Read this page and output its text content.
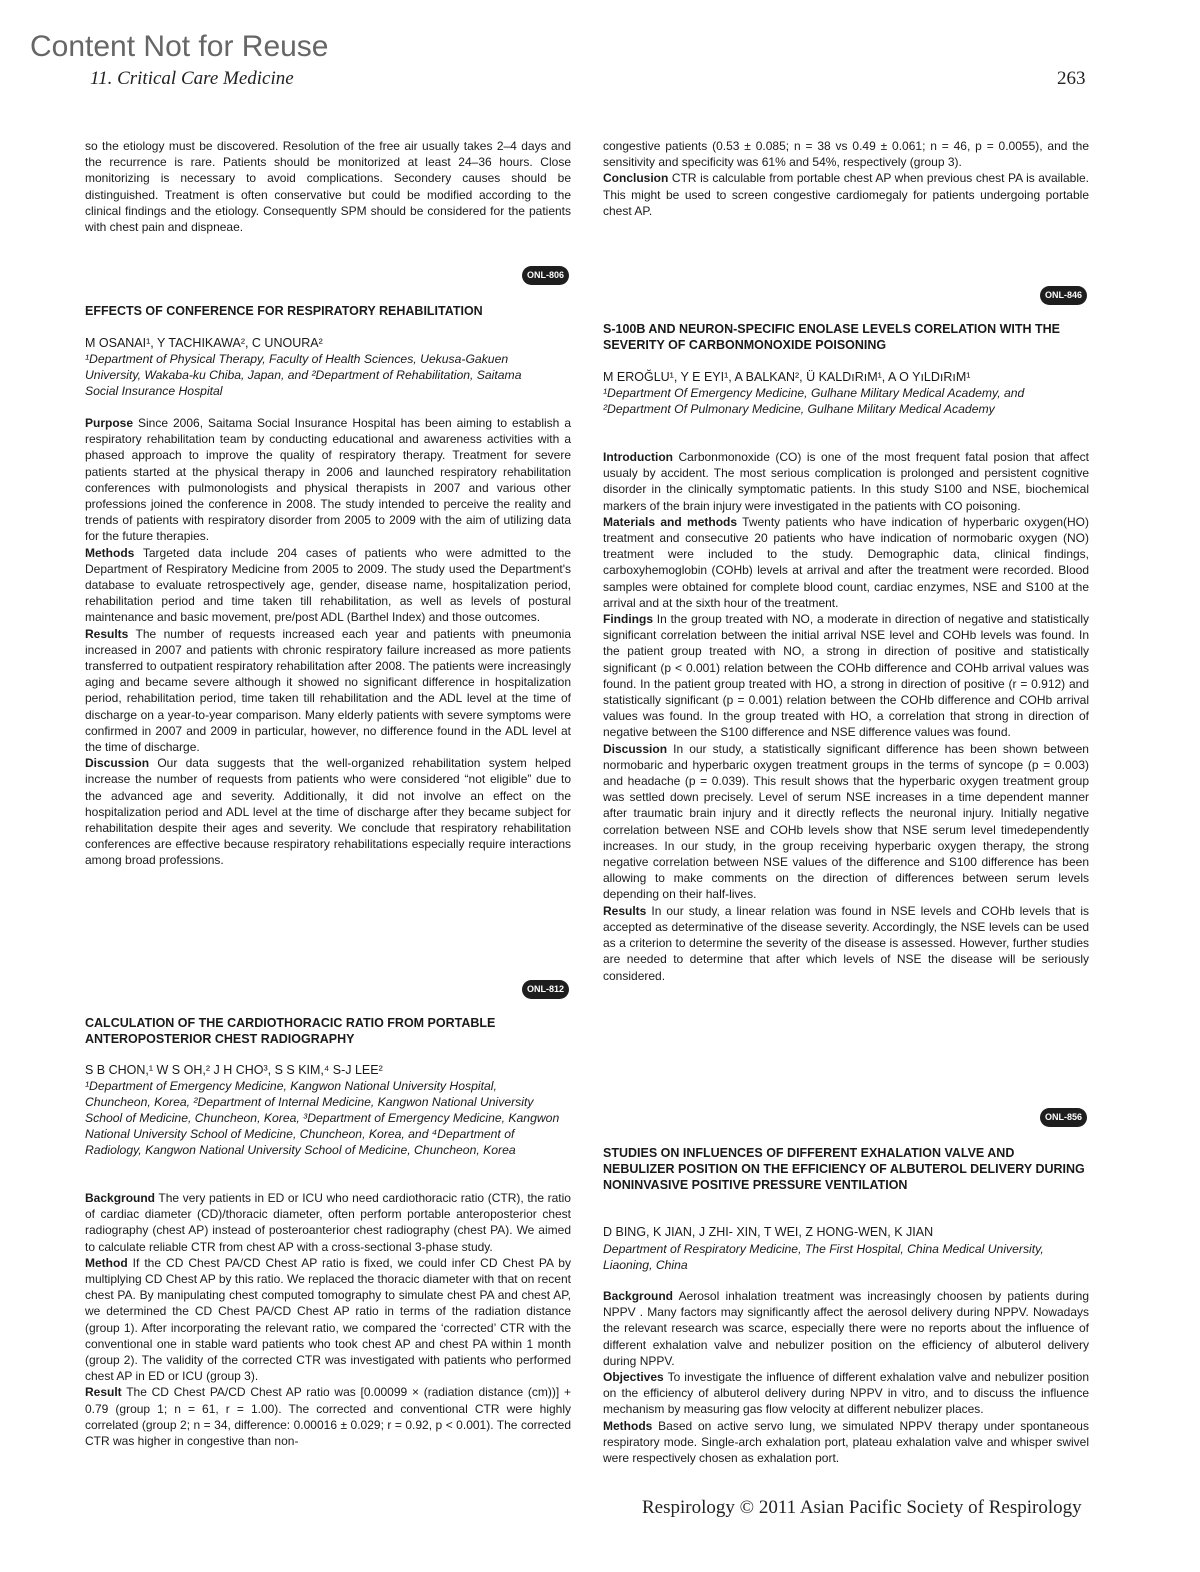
Content Not for Reuse
11. Critical Care Medicine	263

so the etiology must be discovered. Resolution of the free air usually takes 2–4 days and the recurrence is rare. Patients should be monitorized at least 24–36 hours. Close monitorizing is necessary to avoid complications. Secondery causes should be distinguished. Treatment is often conservative but could be modified according to the clinical findings and the etiology. Consequently SPM should be considered for the patients with chest pain and dispneae.

ONL-806
EFFECTS OF CONFERENCE FOR RESPIRATORY REHABILITATION
M OSANAI¹, Y TACHIKAWA², C UNOURA²
¹Department of Physical Therapy, Faculty of Health Sciences, Uekusa-Gakuen University, Wakaba-ku Chiba, Japan, and ²Department of Rehabilitation, Saitama Social Insurance Hospital

Purpose Since 2006, Saitama Social Insurance Hospital has been aiming to establish a respiratory rehabilitation team by conducting educational and awareness activities with a phased approach to improve the quality of respiratory therapy. Treatment for severe patients started at the physical therapy in 2006 and launched respiratory rehabilitation conferences with pulmonologists and physical therapists in 2007 and various other professions joined the conference in 2008. The study intended to perceive the reality and trends of patients with respiratory disorder from 2005 to 2009 with the aim of utilizing data for the future therapies.

Methods Targeted data include 204 cases of patients who were admitted to the Department of Respiratory Medicine from 2005 to 2009. The study used the Department's database to evaluate retrospectively age, gender, disease name, hospitalization period, rehabilitation period and time taken till rehabilitation, as well as levels of postural maintenance and basic movement, pre/post ADL (Barthel Index) and those outcomes.

Results The number of requests increased each year and patients with pneumonia increased in 2007 and patients with chronic respiratory failure increased as more patients transferred to outpatient respiratory rehabilitation after 2008. The patients were increasingly aging and became severe although it showed no significant difference in hospitalization period, rehabilitation period, time taken till rehabilitation and the ADL level at the time of discharge on a year-to-year comparison. Many elderly patients with severe symptoms were confirmed in 2007 and 2009 in particular, however, no difference found in the ADL level at the time of discharge.

Discussion Our data suggests that the well-organized rehabilitation system helped increase the number of requests from patients who were considered “not eligible” due to the advanced age and severity. Additionally, it did not involve an effect on the hospitalization period and ADL level at the time of discharge after they became subject for rehabilitation despite their ages and severity. We conclude that respiratory rehabilitation conferences are effective because respiratory rehabilitations especially require interactions among broad professions.

ONL-812
CALCULATION OF THE CARDIOTHORACIC RATIO FROM PORTABLE ANTEROPOSTERIOR CHEST RADIOGRAPHY
S B CHON,¹ W S OH,² J H CHO³, S S KIM,⁴ S-J LEE²
¹Department of Emergency Medicine, Kangwon National University Hospital, Chuncheon, Korea, ²Department of Internal Medicine, Kangwon National University School of Medicine, Chuncheon, Korea, ³Department of Emergency Medicine, Kangwon National University School of Medicine, Chuncheon, Korea, and ⁴Department of Radiology, Kangwon National University School of Medicine, Chuncheon, Korea

Background The very patients in ED or ICU who need cardiothoracic ratio (CTR), the ratio of cardiac diameter (CD)/thoracic diameter, often perform portable anteroposterior chest radiography (chest AP) instead of posteroanterior chest radiography (chest PA). We aimed to calculate reliable CTR from chest AP with a cross-sectional 3-phase study.

Method If the CD Chest PA/CD Chest AP ratio is fixed, we could infer CD Chest PA by multiplying CD Chest AP by this ratio. We replaced the thoracic diameter with that on recent chest PA. By manipulating chest computed tomography to simulate chest PA and chest AP, we determined the CD Chest PA/CD Chest AP ratio in terms of the radiation distance (group 1). After incorporating the relevant ratio, we compared the ‘corrected’ CTR with the conventional one in stable ward patients who took chest AP and chest PA within 1 month (group 2). The validity of the corrected CTR was investigated with patients who performed chest AP in ED or ICU (group 3).

Result The CD Chest PA/CD Chest AP ratio was [0.00099 × (radiation distance (cm))] + 0.79 (group 1; n = 61, r = 1.00). The corrected and conventional CTR were highly correlated (group 2; n = 34, difference: 0.00016 ± 0.029; r = 0.92, p < 0.001). The corrected CTR was higher in congestive than non-

congestive patients (0.53 ± 0.085; n = 38 vs 0.49 ± 0.061; n = 46, p = 0.0055), and the sensitivity and specificity was 61% and 54%, respectively (group 3).

Conclusion CTR is calculable from portable chest AP when previous chest PA is available. This might be used to screen congestive cardiomegaly for patients undergoing portable chest AP.

ONL-846
S-100B AND NEURON-SPECIFIC ENOLASE LEVELS CORELATION WITH THE SEVERITY OF CARBONMONOXIDE POISONING
M EROĞLU¹, Y E EYI¹, A BALKAN², Ü KALDıRıM¹, A O YıLDıRıM¹
¹Department Of Emergency Medicine, Gulhane Military Medical Academy, and ²Department Of Pulmonary Medicine, Gulhane Military Medical Academy

Introduction Carbonmonoxide (CO) is one of the most frequent fatal posion that affect usualy by accident. The most serious complication is prolonged and persistent cognitive disorder in the clinically symptomatic patients. In this study S100 and NSE, biochemical markers of the brain injury were investigated in the patients with CO poisoning.

Materials and methods Twenty patients who have indication of hyperbaric oxygen(HO) treatment and consecutive 20 patients who have indication of normobaric oxygen (NO) treatment were included to the study. Demographic data, clinical findings, carboxyhemoglobin (COHb) levels at arrival and after the treatment were recorded. Blood samples were obtained for complete blood count, cardiac enzymes, NSE and S100 at the arrival and at the sixth hour of the treatment.

Findings In the group treated with NO, a moderate in direction of negative and statistically significant correlation between the initial arrival NSE level and COHb levels was found. In the patient group treated with NO, a strong in direction of positive and statistically significant (p < 0.001) relation between the COHb difference and COHb arrival values was found. In the patient group treated with HO, a strong in direction of positive (r = 0.912) and statistically significant (p = 0.001) relation between the COHb difference and COHb arrival values was found. In the group treated with HO, a correlation that strong in direction of negative between the S100 difference and NSE difference values was found.

Discussion In our study, a statistically significant difference has been shown between normobaric and hyperbaric oxygen treatment groups in the terms of syncope (p = 0.003) and headache (p = 0.039). This result shows that the hyperbaric oxygen treatment group was settled down precisely. Level of serum NSE increases in a time dependent manner after traumatic brain injury and it directly reflects the neuronal injury. Initially negative correlation between NSE and COHb levels show that NSE serum level timedependently increases. In our study, in the group receiving hyperbaric oxygen therapy, the strong negative correlation between NSE values of the difference and S100 difference has been allowing to make comments on the direction of differences between serum levels depending on their half-lives.

Results In our study, a linear relation was found in NSE levels and COHb levels that is accepted as determinative of the disease severity. Accordingly, the NSE levels can be used as a criterion to determine the severity of the disease is assessed. However, further studies are needed to determine that after which levels of NSE the disease will be seriously considered.

ONL-856
STUDIES ON INFLUENCES OF DIFFERENT EXHALATION VALVE AND NEBULIZER POSITION ON THE EFFICIENCY OF ALBUTEROL DELIVERY DURING NONINVASIVE POSITIVE PRESSURE VENTILATION
D BING, K JIAN, J ZHI- XIN, T WEI, Z HONG-WEN, K JIAN
Department of Respiratory Medicine, The First Hospital, China Medical University, Liaoning, China

Background Aerosol inhalation treatment was increasingly choosen by patients during NPPV . Many factors may significantly affect the aerosol delivery during NPPV. Nowadays the relevant research was scarce, especially there were no reports about the influence of different exhalation valve and nebulizer position on the efficiency of albuterol delivery during NPPV.

Objectives To investigate the influence of different exhalation valve and nebulizer position on the efficiency of albuterol delivery during NPPV in vitro, and to discuss the influence mechanism by measuring gas flow velocity at different nebulizer places.

Methods Based on active servo lung, we simulated NPPV therapy under spontaneous respiratory mode. Single-arch exhalation port, plateau exhalation valve and whisper swivel were respectively chosen as exhalation port.

Respirology © 2011 Asian Pacific Society of Respirology
